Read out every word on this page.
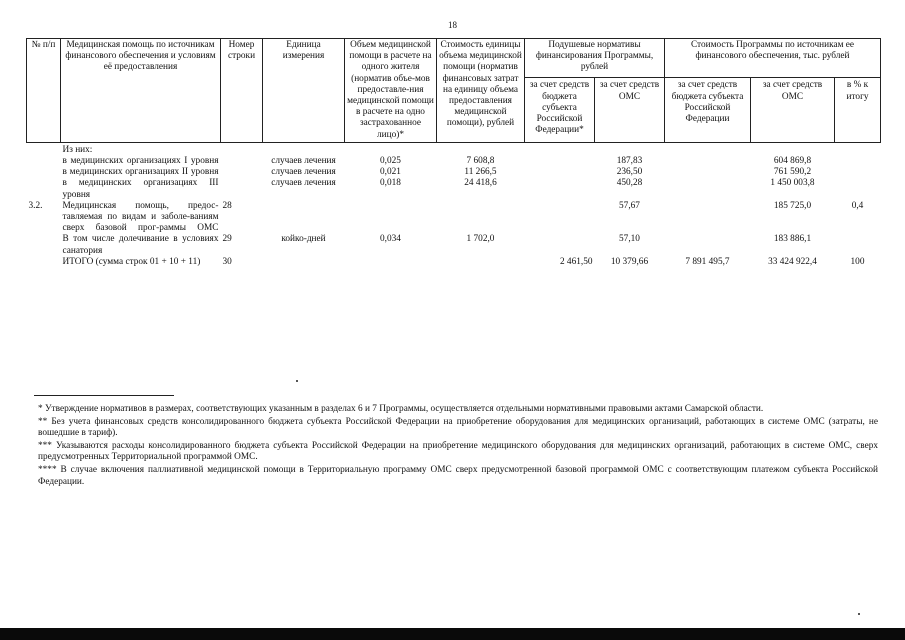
18
№ п/п	Медицинская помощь по источникам финансового обеспечения и условиям её предоставления	Номер строки	Единица измерения	Объем медицинской помощи в расчете на одного жителя (норматив объе-мов предоставле-ния медицинской помощи в расчете на одно застрахованное лицо)*	Стоимость единицы объема медицинской помощи (норматив финансовых затрат на единицу объема предоставления медицинской помощи), рублей	Подушевые нормативы финансирования Программы, рублей		Стоимость Программы по источникам ее финансового обеспечения, тыс. рублей		
						за счет средств бюджета субъекта Российской Федерации*	за счет средств ОМС	за счет средств бюджета субъекта Российской Федерации	за счет средств ОМС	в % к итогу
	Из них:									
	в медицинских организациях I уровня		случаев лечения	0,025	7 608,8		187,83		604 869,8	
	в медицинских организациях II уровня		случаев лечения	0,021	11 266,5		236,50		761 590,2	
	в медицинских организациях III уровня		случаев лечения	0,018	24 418,6		450,28		1 450 003,8	
3.2.	Медицинская помощь, предос-тавляемая по видам и заболе-ваниям сверх базовой прог-раммы ОМС	28					57,67		185 725,0	0,4
	В том числе долечивание в условиях санатория	29	койко-дней	0,034	1 702,0		57,10		183 886,1	
	ИТОГО (сумма строк 01 + 10 + 11)	30				2 461,50	10 379,66	7 891 495,7	33 424 922,4	100

* Утверждение нормативов в размерах, соответствующих указанным в разделах 6 и 7 Программы, осуществляется отдельными нормативными правовыми актами Самарской области.

** Без учета финансовых средств консолидированного бюджета субъекта Российской Федерации на приобретение оборудования для медицинских организаций, работающих в системе ОМС (затраты, не вошедшие в тариф).

*** Указываются расходы консолидированного бюджета субъекта Российской Федерации на приобретение медицинского оборудования для медицинских организаций, работающих в системе ОМС, сверх предусмотренных Территориальной программой ОМС.

**** В случае включения паллиативной медицинской помощи в Территориальную программу ОМС сверх предусмотренной базовой программой ОМС с соответствующим платежом субъекта Российской Федерации.
